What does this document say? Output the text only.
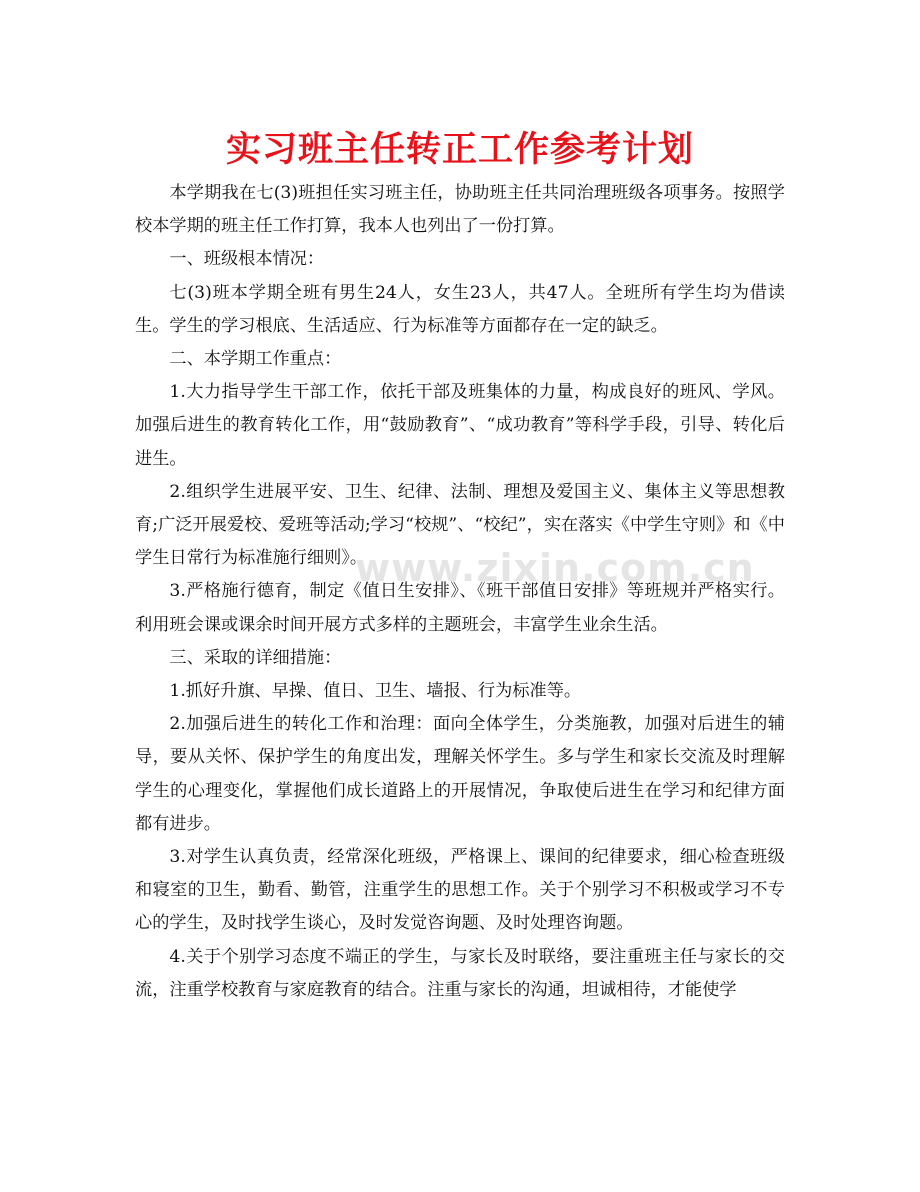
实习班主任转正工作参考计划

本学期我在七(3)班担任实习班主任，协助班主任共同治理班级各项事务。按照学校本学期的班主任工作打算，我本人也列出了一份打算。

一、班级根本情况：

七(3)班本学期全班有男生24人，女生23人，共47人。全班所有学生均为借读生。学生的学习根底、生活适应、行为标准等方面都存在一定的缺乏。

二、本学期工作重点：

1.大力指导学生干部工作，依托干部及班集体的力量，构成良好的班风、学风。加强后进生的教育转化工作，用“鼓励教育”、“成功教育”等科学手段，引导、转化后进生。

2.组织学生进展平安、卫生、纪律、法制、理想及爱国主义、集体主义等思想教育;广泛开展爱校、爱班等活动;学习“校规”、“校纪”，实在落实《中学生守则》和《中学生日常行为标准施行细则》。

3.严格施行德育，制定《值日生安排》、《班干部值日安排》等班规并严格实行。利用班会课或课余时间开展方式多样的主题班会，丰富学生业余生活。

三、采取的详细措施：

1.抓好升旗、早操、值日、卫生、墙报、行为标准等。

2.加强后进生的转化工作和治理：面向全体学生，分类施教，加强对后进生的辅导，要从关怀、保护学生的角度出发，理解关怀学生。多与学生和家长交流及时理解学生的心理变化，掌握他们成长道路上的开展情况，争取使后进生在学习和纪律方面都有进步。

3.对学生认真负责，经常深化班级，严格课上、课间的纪律要求，细心检查班级和寝室的卫生，勤看、勤管，注重学生的思想工作。关于个别学习不积极或学习不专心的学生，及时找学生谈心，及时发觉咨询题、及时处理咨询题。

4.关于个别学习态度不端正的学生，与家长及时联络，要注重班主任与家长的交流，注重学校教育与家庭教育的结合。注重与家长的沟通，坦诚相待，才能使学

www.zixin.com.cn
